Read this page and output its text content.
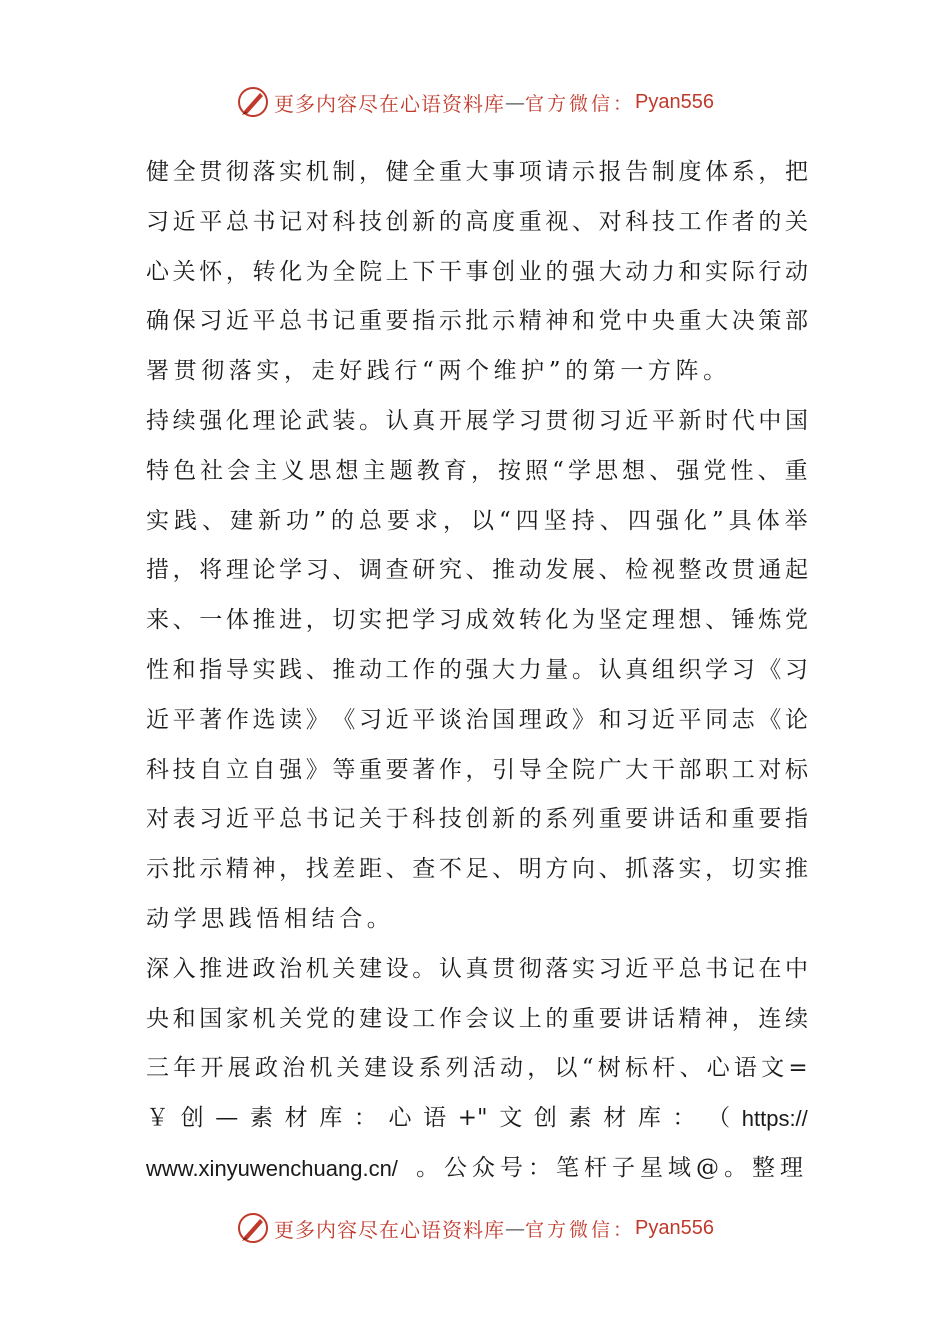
更多内容尽在心语资料库 — 官方微信： Pyan556
健 全 贯 彻 落 实 机 制 ， 健 全 重 大 事 项 请 示 报 告 制 度 体 系 ， 把
习 近 平 总 书 记 对 科 技 创 新 的 高 度 重 视 、 对 科 技 工 作 者 的 关
心 关 怀 ， 转 化 为 全 院 上 下 干 事 创 业 的 强 大 动 力 和 实 际 行 动
确 保 习 近 平 总 书 记 重 要 指 示 批 示 精 神 和 党 中 央 重 大 决 策 部
署贯彻落实，走好践行“两个维护”的第一方阵。
持 续 强 化 理 论 武 装 。 认 真 开 展 学 习 贯 彻 习 近 平 新 时 代 中 国
特 色 社 会 主 义 思 想 主 题 教 育 ， 按 照 “ 学 思 想 、 强 党 性 、 重
实 践 、 建 新 功 ” 的 总 要 求 ， 以 “ 四 坚 持 、 四 强 化 ” 具 体 举
措 ， 将 理 论 学 习 、 调 查 研 究 、 推 动 发 展 、 检 视 整 改 贯 通 起
来 、 一 体 推 进 ， 切 实 把 学 习 成 效 转 化 为 坚 定 理 想 、 锤 炼 党
性 和 指 导 实 践 、 推 动 工 作 的 强 大 力 量 。 认 真 组 织 学 习 《 习
近 平 著 作 选 读 》 《 习 近 平 谈 治 国 理 政 》 和 习 近 平 同 志 《 论
科 技 自 立 自 强 》 等 重 要 著 作 ， 引 导 全 院 广 大 干 部 职 工 对 标
对 表 习 近 平 总 书 记 关 于 科 技 创 新 的 系 列 重 要 讲 话 和 重 要 指
示 批 示 精 神 ， 找 差 距 、 查 不 足 、 明 方 向 、 抓 落 实 ， 切 实 推
动学思践悟相结合。
深 入 推 进 政 治 机 关 建 设 。 认 真 贯 彻 落 实 习 近 平 总 书 记 在 中
央 和 国 家 机 关 党 的 建 设 工 作 会 议 上 的 重 要 讲 话 精 神 ， 连 续
三 年 开 展 政 治 机 关 建 设 系 列 活 动 ， 以 “ 树 标 杆 、 心 语 文 =
￥ 创 — 素 材 库 ： 心 语 +" 文 创 素 材 库 ： （ https://
www.xinyuwenchuang.cn/ 。公众号：笔杆子星域@。整理
更多内容尽在心语资料库 — 官方微信： Pyan556
